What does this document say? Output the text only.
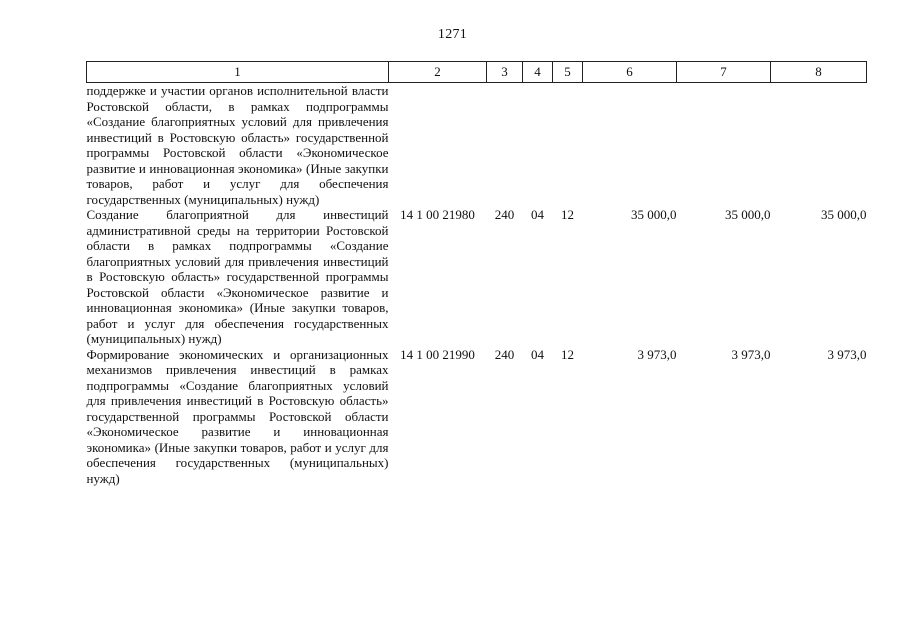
1271
1	2	3	4	5	6	7	8
поддержке и участии органов исполнительной власти Ростовской области, в рамках подпрограммы «Создание благоприятных условий для привлечения инвестиций в Ростовскую область» государственной программы Ростовской области «Экономическое развитие и инновационная экономика» (Иные закупки товаров, работ и услуг для обеспечения государственных (муниципальных) нужд)							
Создание благоприятной для инвестиций административной среды на территории Ростовской области в рамках подпрограммы «Создание благоприятных условий для привлечения инвестиций в Ростовскую область» государственной программы Ростовской области «Экономическое развитие и инновационная экономика» (Иные закупки товаров, работ и услуг для обеспечения государственных (муниципальных) нужд)	14 1 00 21980	240	04	12	35 000,0	35 000,0	35 000,0
Формирование экономических и организационных механизмов привлечения инвестиций в рамках подпрограммы «Создание благоприятных условий для привлечения инвестиций в Ростовскую область» государственной программы Ростовской области «Экономическое развитие и инновационная экономика» (Иные закупки товаров, работ и услуг для обеспечения государственных (муниципальных) нужд)	14 1 00 21990	240	04	12	3 973,0	3 973,0	3 973,0
